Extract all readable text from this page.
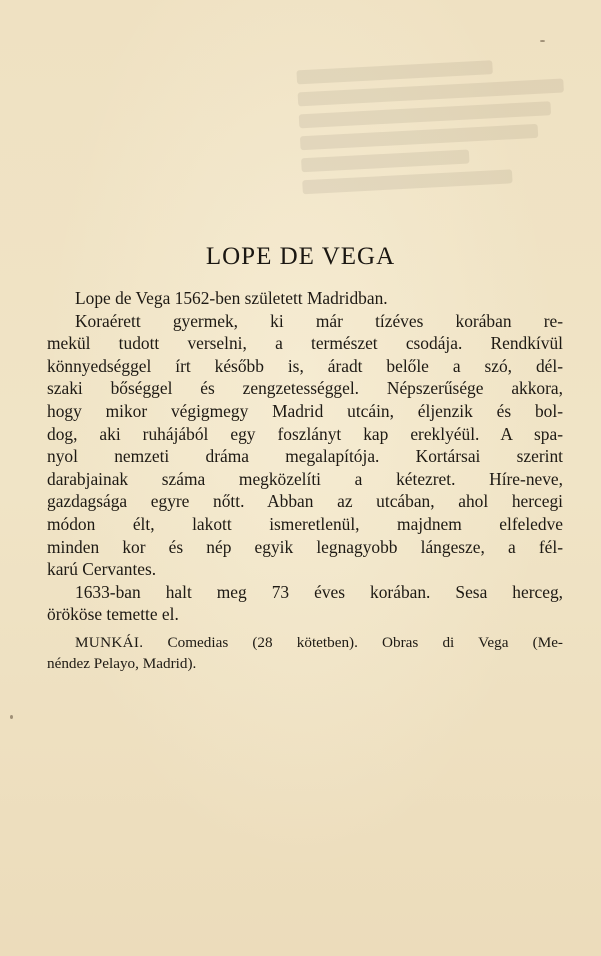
LOPE DE VEGA
Lope de Vega 1562-ben született Madridban.
Koraérett gyermek, ki már tízéves korában re-
mekül tudott verselni, a természet csodája. Rendkívül
könnyedséggel írt később is, áradt belőle a szó, dél-
szaki bőséggel és zengzetességgel. Népszerűsége akkora,
hogy mikor végigmegy Madrid utcáin, éljenzik és bol-
dog, aki ruhájából egy foszlányt kap ereklyéül. A spa-
nyol nemzeti dráma megalapítója. Kortársai szerint
darabjainak száma megközelíti a kétezret. Híre-neve,
gazdagsága egyre nőtt. Abban az utcában, ahol hercegi
módon élt, lakott ismeretlenül, majdnem elfeledve
minden kor és nép egyik legnagyobb lángesze, a fél-
karú Cervantes.
1633-ban halt meg 73 éves korában. Sesa herceg,
örököse temette el.
MUNKÁI. Comedias (28 kötetben). Obras di Vega (Me-
néndez Pelayo, Madrid).
